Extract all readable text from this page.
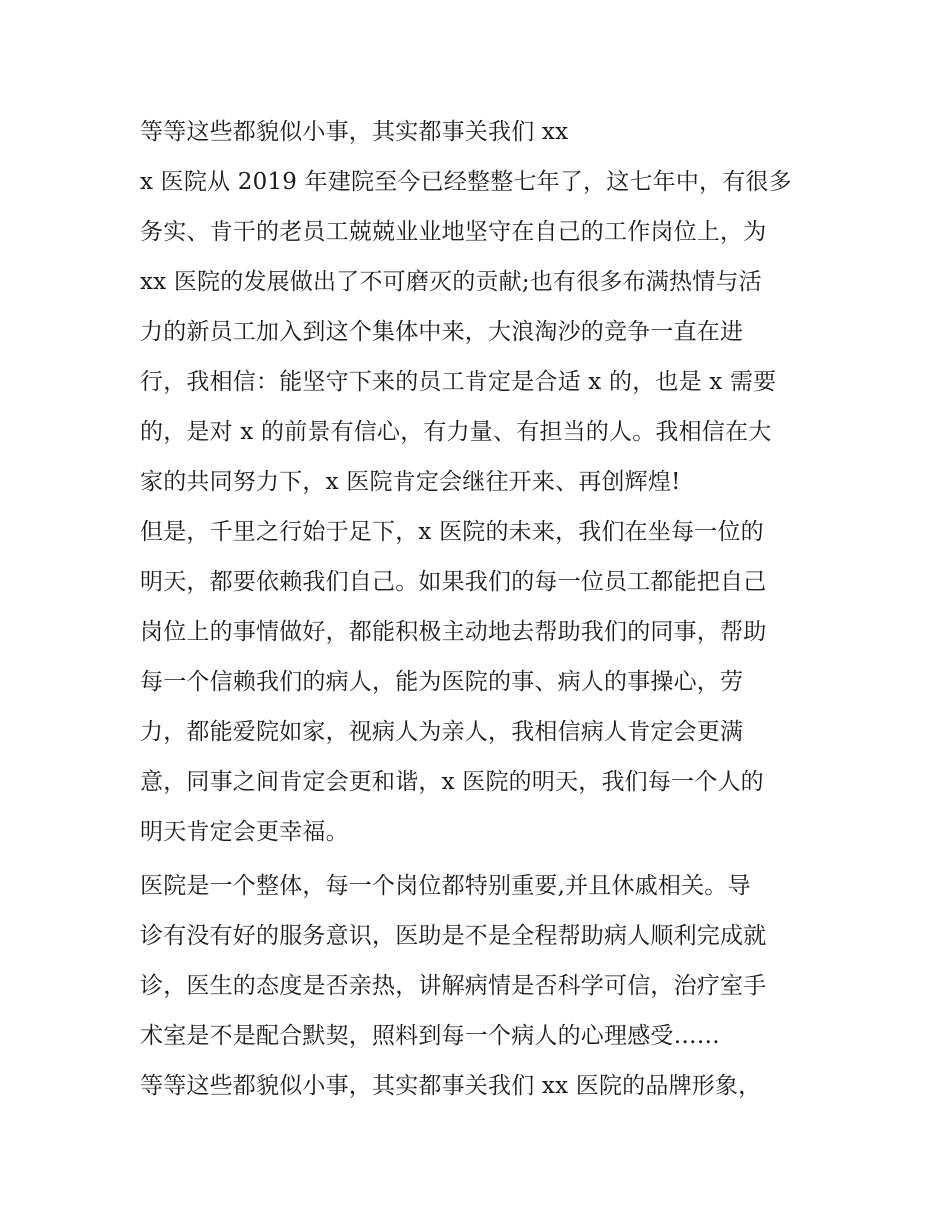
等等这些都貌似小事，其实都事关我们 xx
x 医院从 2019 年建院至今已经整整七年了，这七年中，有很多
务实、肯干的老员工兢兢业业地坚守在自己的工作岗位上，为
xx 医院的发展做出了不可磨灭的贡献;也有很多布满热情与活
力的新员工加入到这个集体中来，大浪淘沙的竞争一直在进
行，我相信：能坚守下来的员工肯定是合适 x 的，也是 x 需要
的，是对 x 的前景有信心，有力量、有担当的人。我相信在大
家的共同努力下，x 医院肯定会继往开来、再创辉煌!
但是，千里之行始于足下，x 医院的未来，我们在坐每一位的
明天，都要依赖我们自己。如果我们的每一位员工都能把自己
岗位上的事情做好，都能积极主动地去帮助我们的同事，帮助
每一个信赖我们的病人，能为医院的事、病人的事操心，劳
力，都能爱院如家，视病人为亲人，我相信病人肯定会更满
意，同事之间肯定会更和谐，x 医院的明天，我们每一个人的
明天肯定会更幸福。
医院是一个整体，每一个岗位都特别重要,并且休戚相关。导
诊有没有好的服务意识，医助是不是全程帮助病人顺利完成就
诊，医生的态度是否亲热，讲解病情是否科学可信，治疗室手
术室是不是配合默契，照料到每一个病人的心理感受……
等等这些都貌似小事，其实都事关我们 xx 医院的品牌形象，
